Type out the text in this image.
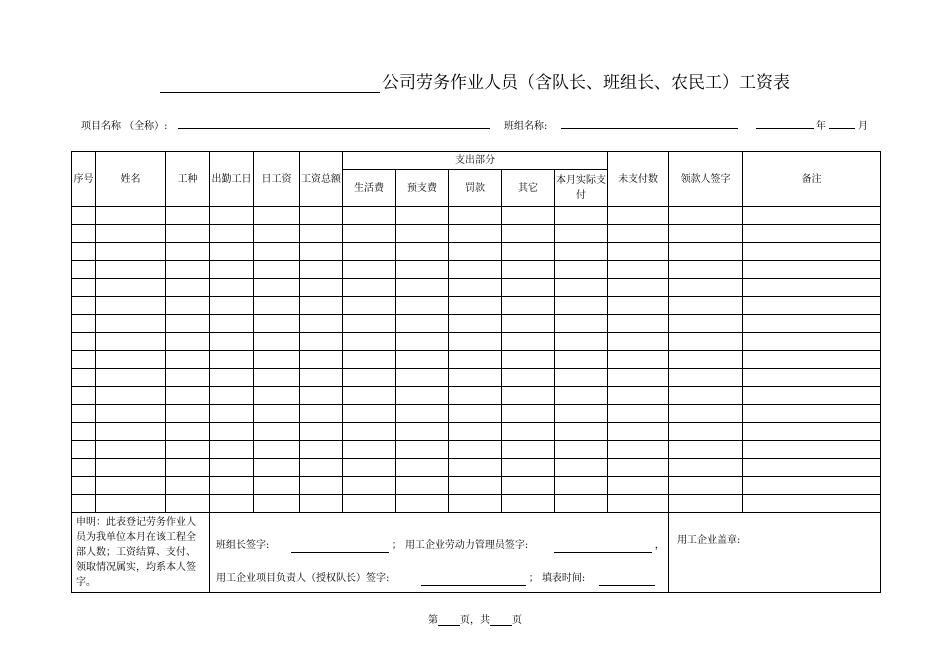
公司劳务作业人员（含队长、班组长、农民工）工资表
项目名称 （全称）:	班组名称:	年	月
序号	姓名	工种	出勤工日	日工资	工资总额	支出部分					未支付数	领款人签字	备注
						生活费	预支费	罚款	其它	本月实际支付			

申明：此表登记劳务作业人员为我单位本月在该工程全部人数；工资结算、支付、领取情况属实，均系本人签字。			班组长签字: ； 用工企业劳动力管理员签字: ，
用工企业项目负责人（授权队长）签字: ； 填表时间:									用工企业盖章:	
第 页，共 页
